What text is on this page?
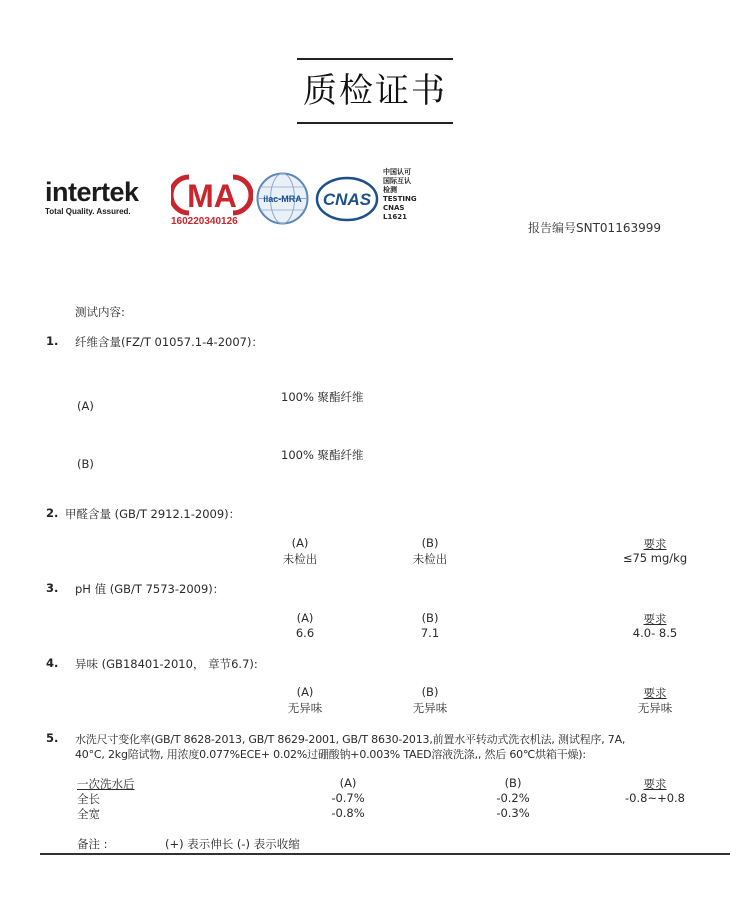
质检证书
intertek
Total Quality. Assured. MA
160220340126
ilac-MRA CNAS
中国认可
国际互认
检测
TESTING
CNAS L1621
报告编号SNT01163999
测试内容:
1. 纤维含量(FZ/T 01057.1-4-2007)：
(A)
100% 聚酯纤维
(B)
100% 聚酯纤维
2. 甲醛含量 (GB/T 2912.1-2009)：
(A)	(B)	要求
未检出	未检出	≤75 mg/kg
3. pH 值 (GB/T 7573-2009)：
(A)	(B)	要求
6.6	7.1	4.0- 8.5
4. 异味 (GB18401-2010， 章节6.7):
(A)	(B)	要求
无异味	无异味	无异味
5. 水洗尺寸变化率(GB/T 8628-2013, GB/T 8629-2001, GB/T 8630-2013,前置水平转动式洗衣机法, 测试程序, 7A,
40°C, 2kg陪试物, 用浓度0.077%ECE+ 0.02%过硼酸钠+0.003% TAED溶液洗涤,, 然后 60℃烘箱干燥):
一次洗水后	(A)	(B)	要求
全长	-0.7%	-0.2%	-0.8~+0.8
全宽	-0.8%	-0.3%
备注 :	(+) 表示伸长 (-) 表示收缩
